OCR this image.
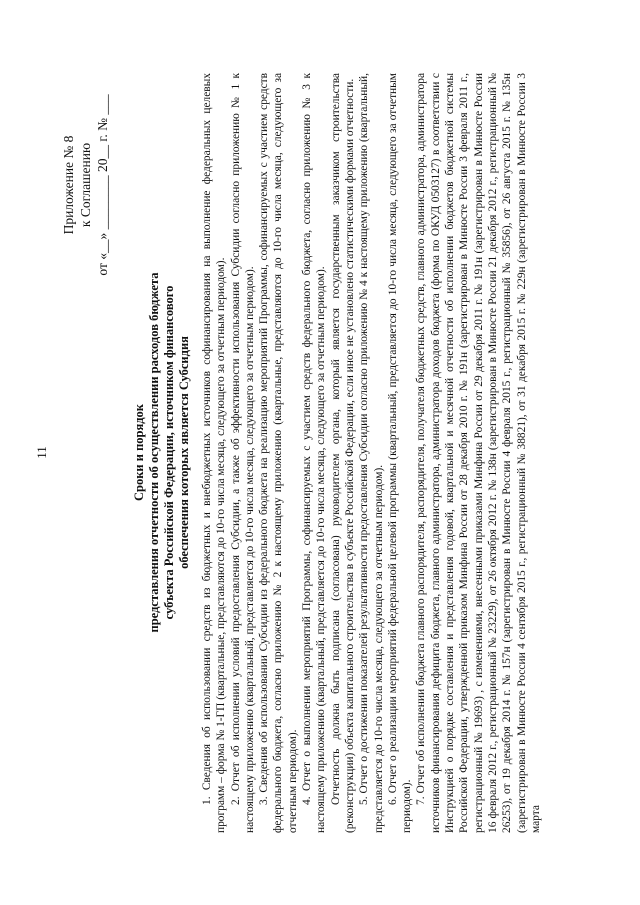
11
Приложение № 8 к Соглашению от «__» ________ 20__ г. № ___
Сроки и порядок представления отчетности об осуществлении расходов бюджета субъекта Российской Федерации, источником финансового обеспечения которых является Субсидия 1. Сведения об использовании средств из бюджетных и внебюджетных источников софинансирования на выполнение федеральных целевых программ – форма № 1-ГП (квартальные, представляются до 10-го числа месяца, следующего за отчетным периодом). 2. Отчет об исполнении условий предоставления Субсидии, а также об эффективности использования Субсидии согласно приложению № 1 к настоящему приложению (квартальный, представляется до 10-го числа месяца, следующего за отчетным периодом). 3. Сведения об использовании Субсидии из федерального бюджета на реализацию мероприятий Программы, софинансируемых с участием средств федерального бюджета, согласно приложению № 2 к настоящему приложению (квартальные, представляются до 10-го числа месяца, следующего за отчетным периодом). 4. Отчет о выполнении мероприятий Программы, софинансируемых с участием средств федерального бюджета, согласно приложению № 3 к настоящему приложению (квартальный, представляется до 10-го числа месяца, следующего за отчетным периодом). Отчетность должна быть подписана (согласована) руководителем органа, который является государственным заказчиком строительства (реконструкции) объекта капитального строительства в субъекте Российской Федерации, если иное не установлено статистическими формами отчетности. 5. Отчет о достижении показателей результативности предоставления Субсидии согласно приложению № 4 к настоящему приложению (квартальный, представляется до 10-го числа месяца, следующего за отчетным периодом). 6. Отчет о реализации мероприятий федеральной целевой программы (квартальный, представляется до 10-го числа месяца, следующего за отчетным периодом).

7. Отчет об исполнении бюджета главного распорядителя, распорядителя, получателя бюджетных средств, главного администратора, администратора источников финансирования дефицита бюджета, главного администратора, администратора доходов бюджета (форма по ОКУД 0503127) в соответствии с Инструкцией о порядке составления и представления годовой, квартальной и месячной отчетности об исполнении бюджетов бюджетной системы Российской Федерации, утвержденной приказом Минфина России от 28 декабря 2010 г. № 191н (зарегистрирован в Минюсте России 3 февраля 2011 г., регистрационный № 19693) , с изменениями, внесенными приказами Минфина России от 29 декабря 2011 г. № 191н (зарегистрирован в Минюсте России 16 февраля 2012 г., регистрационный № 23229), от 26 октября 2012 г. № 138н (зарегистрирован в Минюсте России 21 декабря 2012 г., регистрационный № 26253), от 19 декабря 2014 г. № 157н (зарегистрирован в Минюсте России 4 февраля 2015 г., регистрационный № 35856), от 26 августа 2015 г. № 135н (зарегистрирован в Минюсте России 4 сентября 2015 г., регистрационный № 38821), от 31 декабря 2015 г. № 229н (зарегистрирован в Минюсте России 3 марта
